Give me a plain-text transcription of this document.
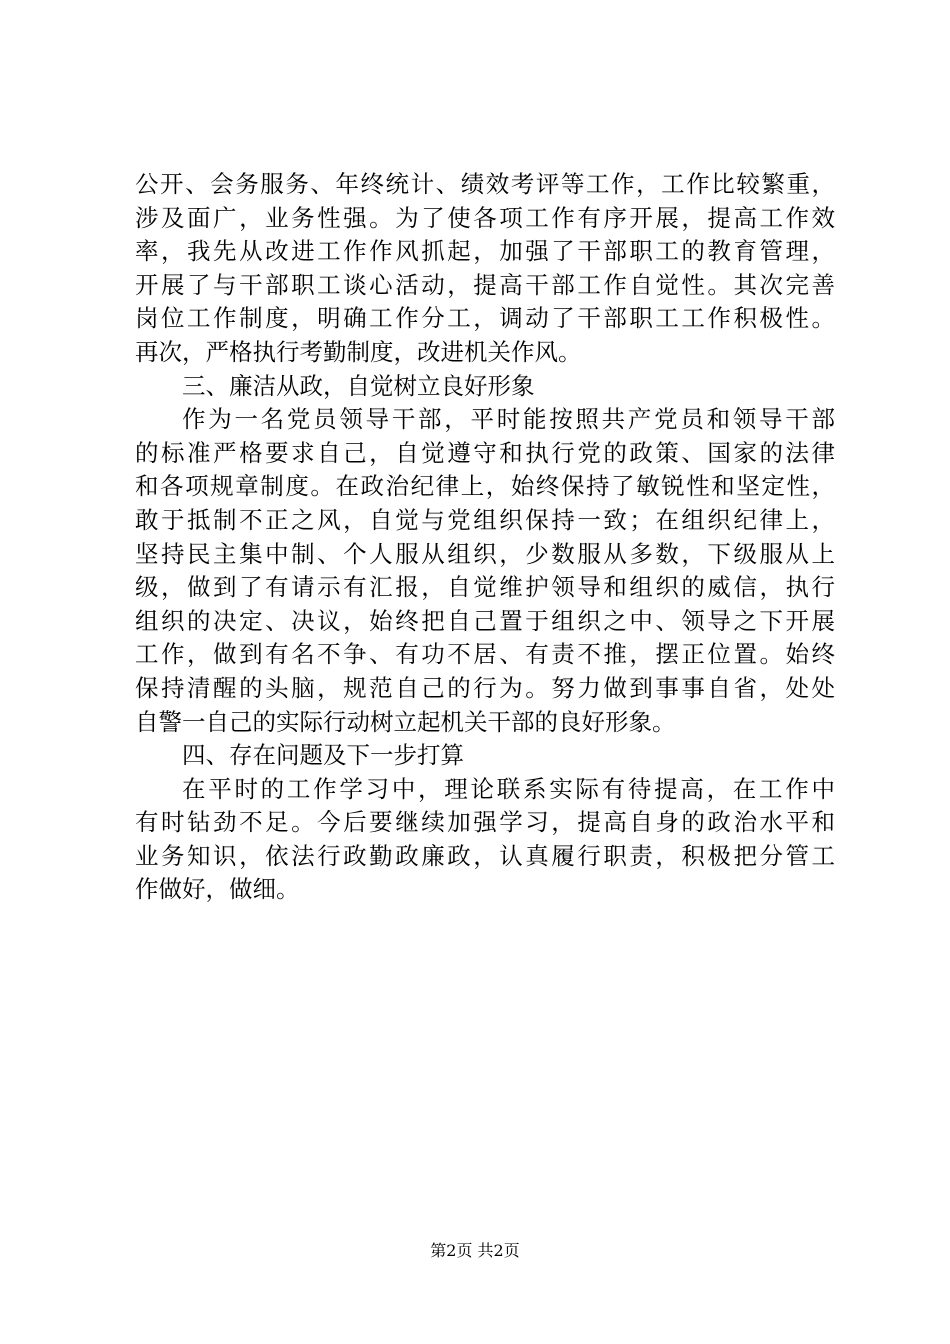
公开、会务服务、年终统计、绩效考评等工作，工作比较繁重，
涉及面广，业务性强。为了使各项工作有序开展，提高工作效
率，我先从改进工作作风抓起，加强了干部职工的教育管理，
开展了与干部职工谈心活动，提高干部工作自觉性。其次完善
岗位工作制度，明确工作分工，调动了干部职工工作积极性。
再次，严格执行考勤制度，改进机关作风。
三、廉洁从政，自觉树立良好形象
作为一名党员领导干部，平时能按照共产党员和领导干部
的标准严格要求自己，自觉遵守和执行党的政策、国家的法律
和各项规章制度。在政治纪律上，始终保持了敏锐性和坚定性，
敢于抵制不正之风，自觉与党组织保持一致；在组织纪律上，
坚持民主集中制、个人服从组织，少数服从多数，下级服从上
级，做到了有请示有汇报，自觉维护领导和组织的威信，执行
组织的决定、决议，始终把自己置于组织之中、领导之下开展
工作，做到有名不争、有功不居、有责不推，摆正位置。始终
保持清醒的头脑，规范自己的行为。努力做到事事自省，处处
自警一自己的实际行动树立起机关干部的良好形象。
四、存在问题及下一步打算
在平时的工作学习中，理论联系实际有待提高，在工作中
有时钻劲不足。今后要继续加强学习，提高自身的政治水平和
业务知识，依法行政勤政廉政，认真履行职责，积极把分管工
作做好，做细。
第2页 共2页
